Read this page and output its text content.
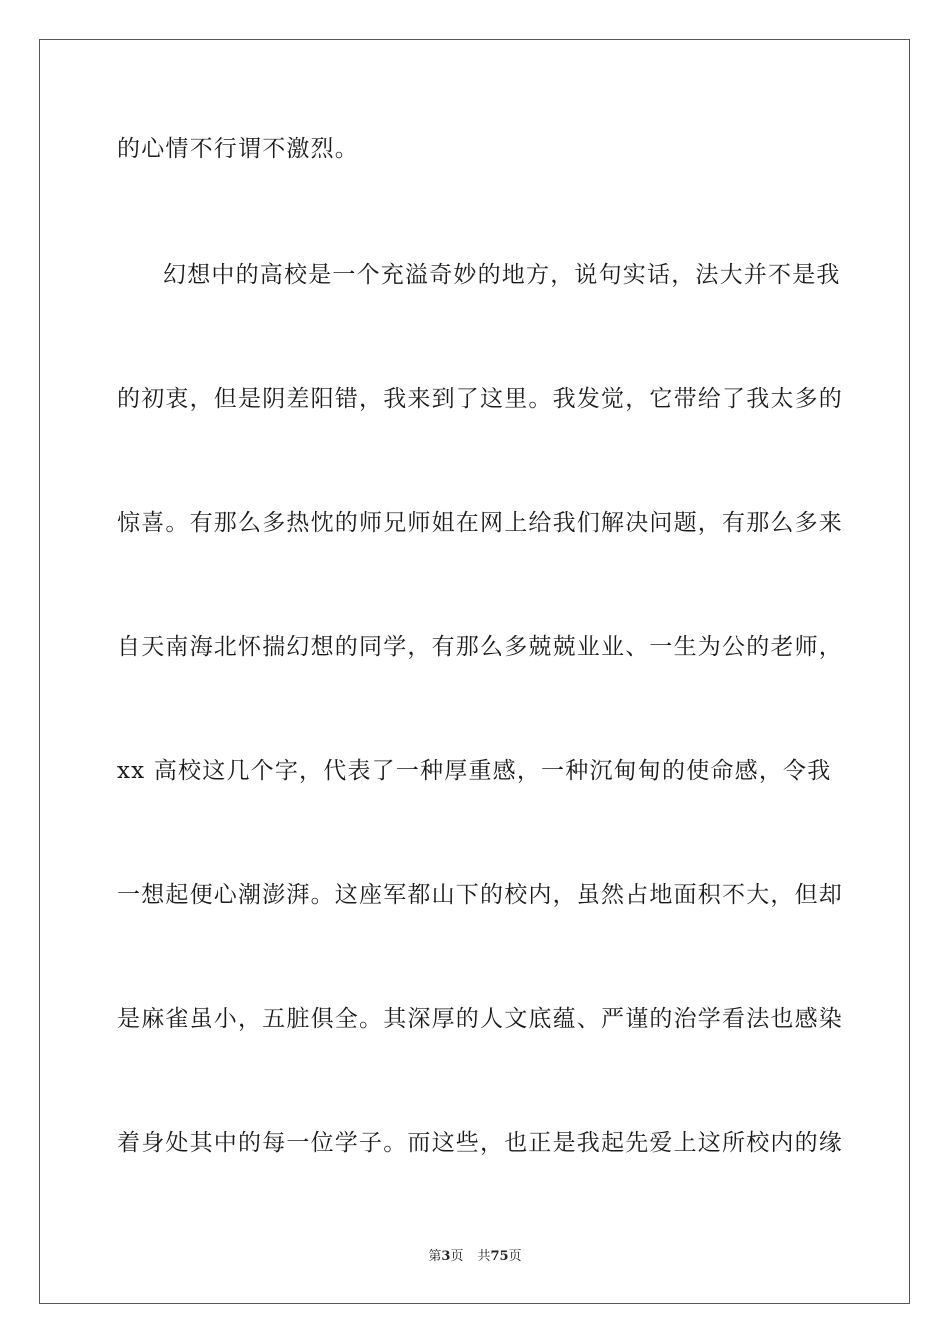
的心情不行谓不激烈。
幻想中的高校是一个充溢奇妙的地方，说句实话，法大并不是我
的初衷，但是阴差阳错，我来到了这里。我发觉，它带给了我太多的
惊喜。有那么多热忱的师兄师姐在网上给我们解决问题，有那么多来
自天南海北怀揣幻想的同学，有那么多兢兢业业、一生为公的老师，
xx 高校这几个字，代表了一种厚重感，一种沉甸甸的使命感，令我
一想起便心潮澎湃。这座军都山下的校内，虽然占地面积不大，但却
是麻雀虽小，五脏俱全。其深厚的人文底蕴、严谨的治学看法也感染
着身处其中的每一位学子。而这些，也正是我起先爱上这所校内的缘
第3页 共75页
